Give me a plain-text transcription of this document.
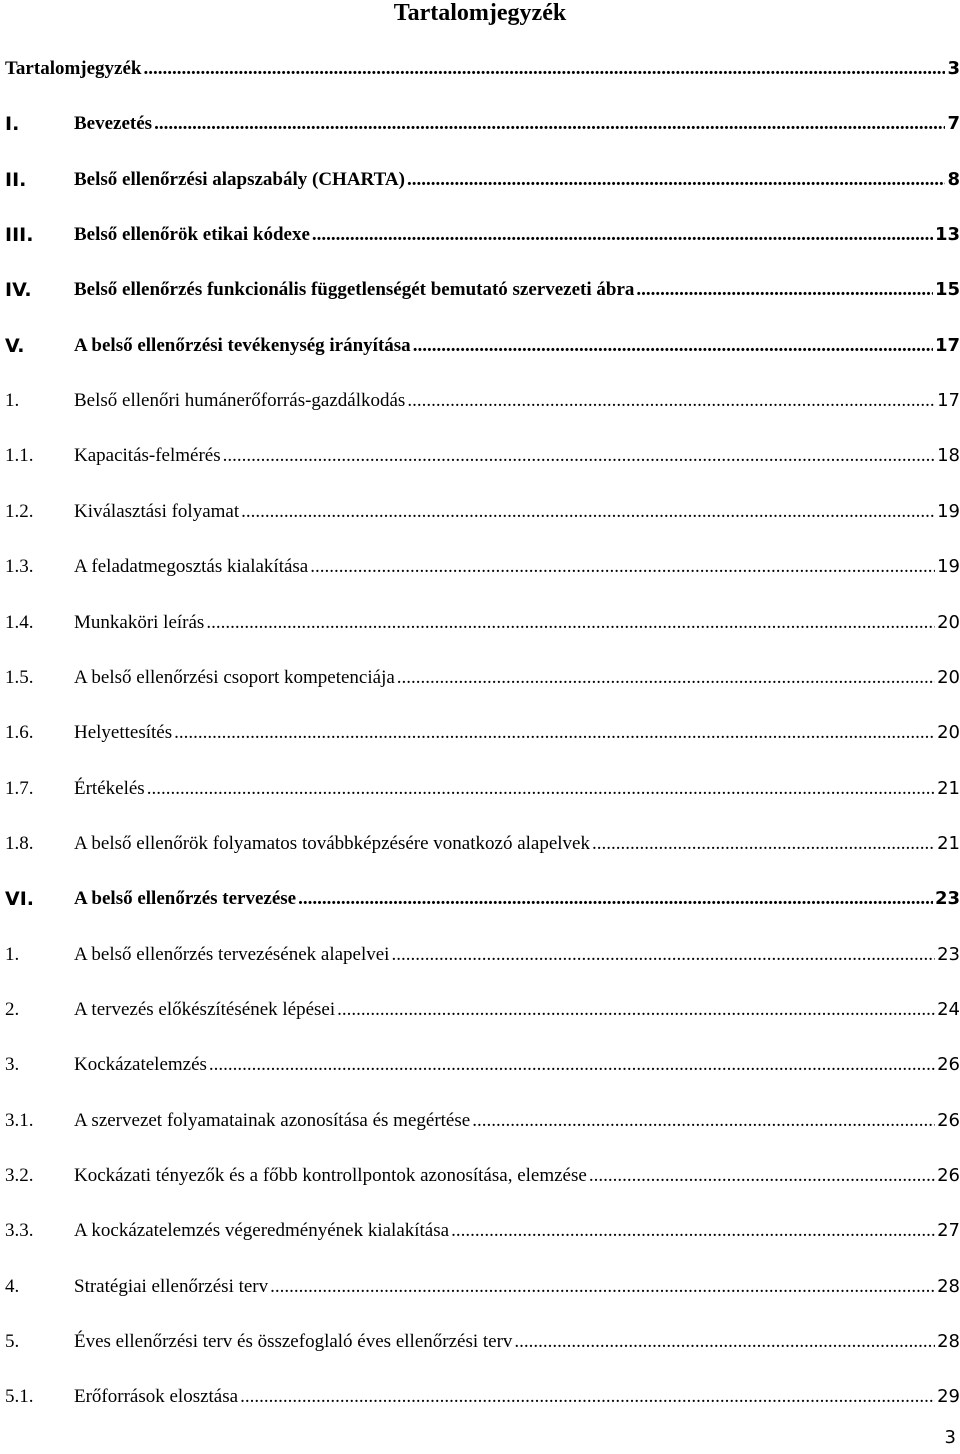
Tartalomjegyzék
Tartalomjegyzék .....	3
I.	Bevezetés .....	7
II.	Belső ellenőrzési alapszabály (CHARTA) .....	8
III. Belső ellenőrök etikai kódexe .....	13
IV. Belső ellenőrzés funkcionális függetlenségét bemutató szervezeti ábra .....	15
V.	A belső ellenőrzési tevékenység irányítása .....	17
1.	Belső ellenőri humánerőforrás-gazdálkodás .....	17
1.1. Kapacitás-felmérés .....	18
1.2. Kiválasztási folyamat .....	19
1.3. A feladatmegosztás kialakítása .....	19
1.4. Munkaköri leírás .....	20
1.5. A belső ellenőrzési csoport kompetenciája .....	20
1.6. Helyettesítés .....	20
1.7. Értékelés .....	21
1.8. A belső ellenőrök folyamatos továbbképzésére vonatkozó alapelvek .....	21
VI. A belső ellenőrzés tervezése .....	23
1.	A belső ellenőrzés tervezésének alapelvei .....	23
2.	A tervezés előkészítésének lépései .....	24
3.	Kockázatelemzés .....	26
3.1. A szervezet folyamatainak azonosítása és megértése .....	26
3.2. Kockázati tényezők és a főbb kontrollpontok azonosítása, elemzése .....	26
3.3. A kockázatelemzés végeredményének kialakítása .....	27
4.	Stratégiai ellenőrzési terv .....	28
5.	Éves ellenőrzési terv és összefoglaló éves ellenőrzési terv .....	28
5.1. Erőforrások elosztása .....	29
3
